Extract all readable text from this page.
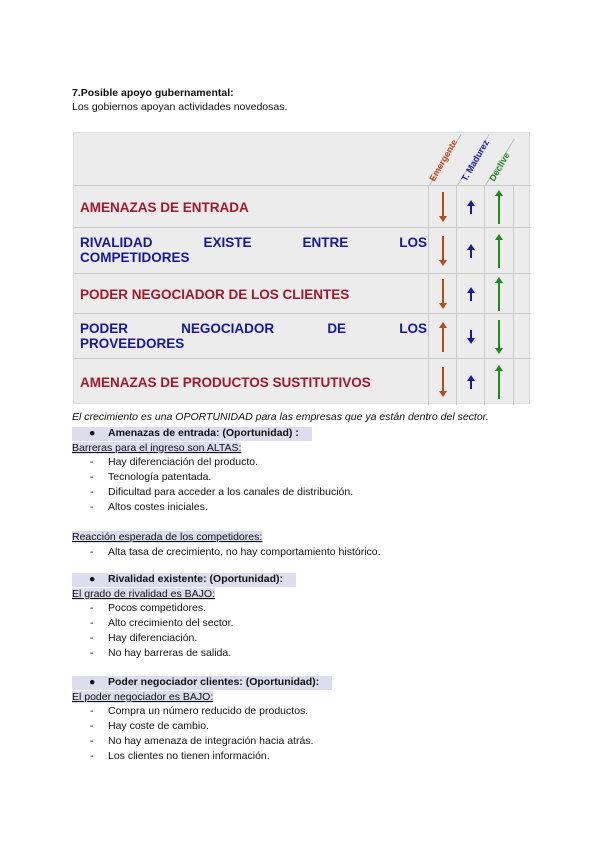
7.Posible apoyo gubernamental:
Los gobiernos apoyan actividades novedosas.
Emergente T. Madurez
Declive
AMENAZAS DE ENTRADA
RIVALIDAD	EXISTE	ENTRE	LOS
COMPETIDORES
PODER NEGOCIADOR DE LOS CLIENTES
PODER	NEGOCIADOR	DE	LOS
PROVEEDORES
AMENAZAS DE PRODUCTOS SUSTITUTIVOS
El crecimiento es una OPORTUNIDAD para las empresas que ya están dentro del sector.
● Amenazas de entrada: (Oportunidad) :
Barreras para el ingreso son ALTAS:
- Hay diferenciación del producto.
- Tecnología patentada.
- Dificultad para acceder a los canales de distribución.
- Altos costes iniciales.
Reacción esperada de los competidores:
- Alta tasa de crecimiento, no hay comportamiento histórico.
● Rivalidad existente: (Oportunidad):
El grado de rivalidad es BAJO:
- Pocos competidores.
- Alto crecimiento del sector.
- Hay diferenciación.
- No hay barreras de salida.
● Poder negociador clientes: (Oportunidad):
El poder negociador es BAJO:
- Compra un número reducido de productos.
- Hay coste de cambio.
- No hay amenaza de integración hacia atrás.
- Los clientes no tienen información.
